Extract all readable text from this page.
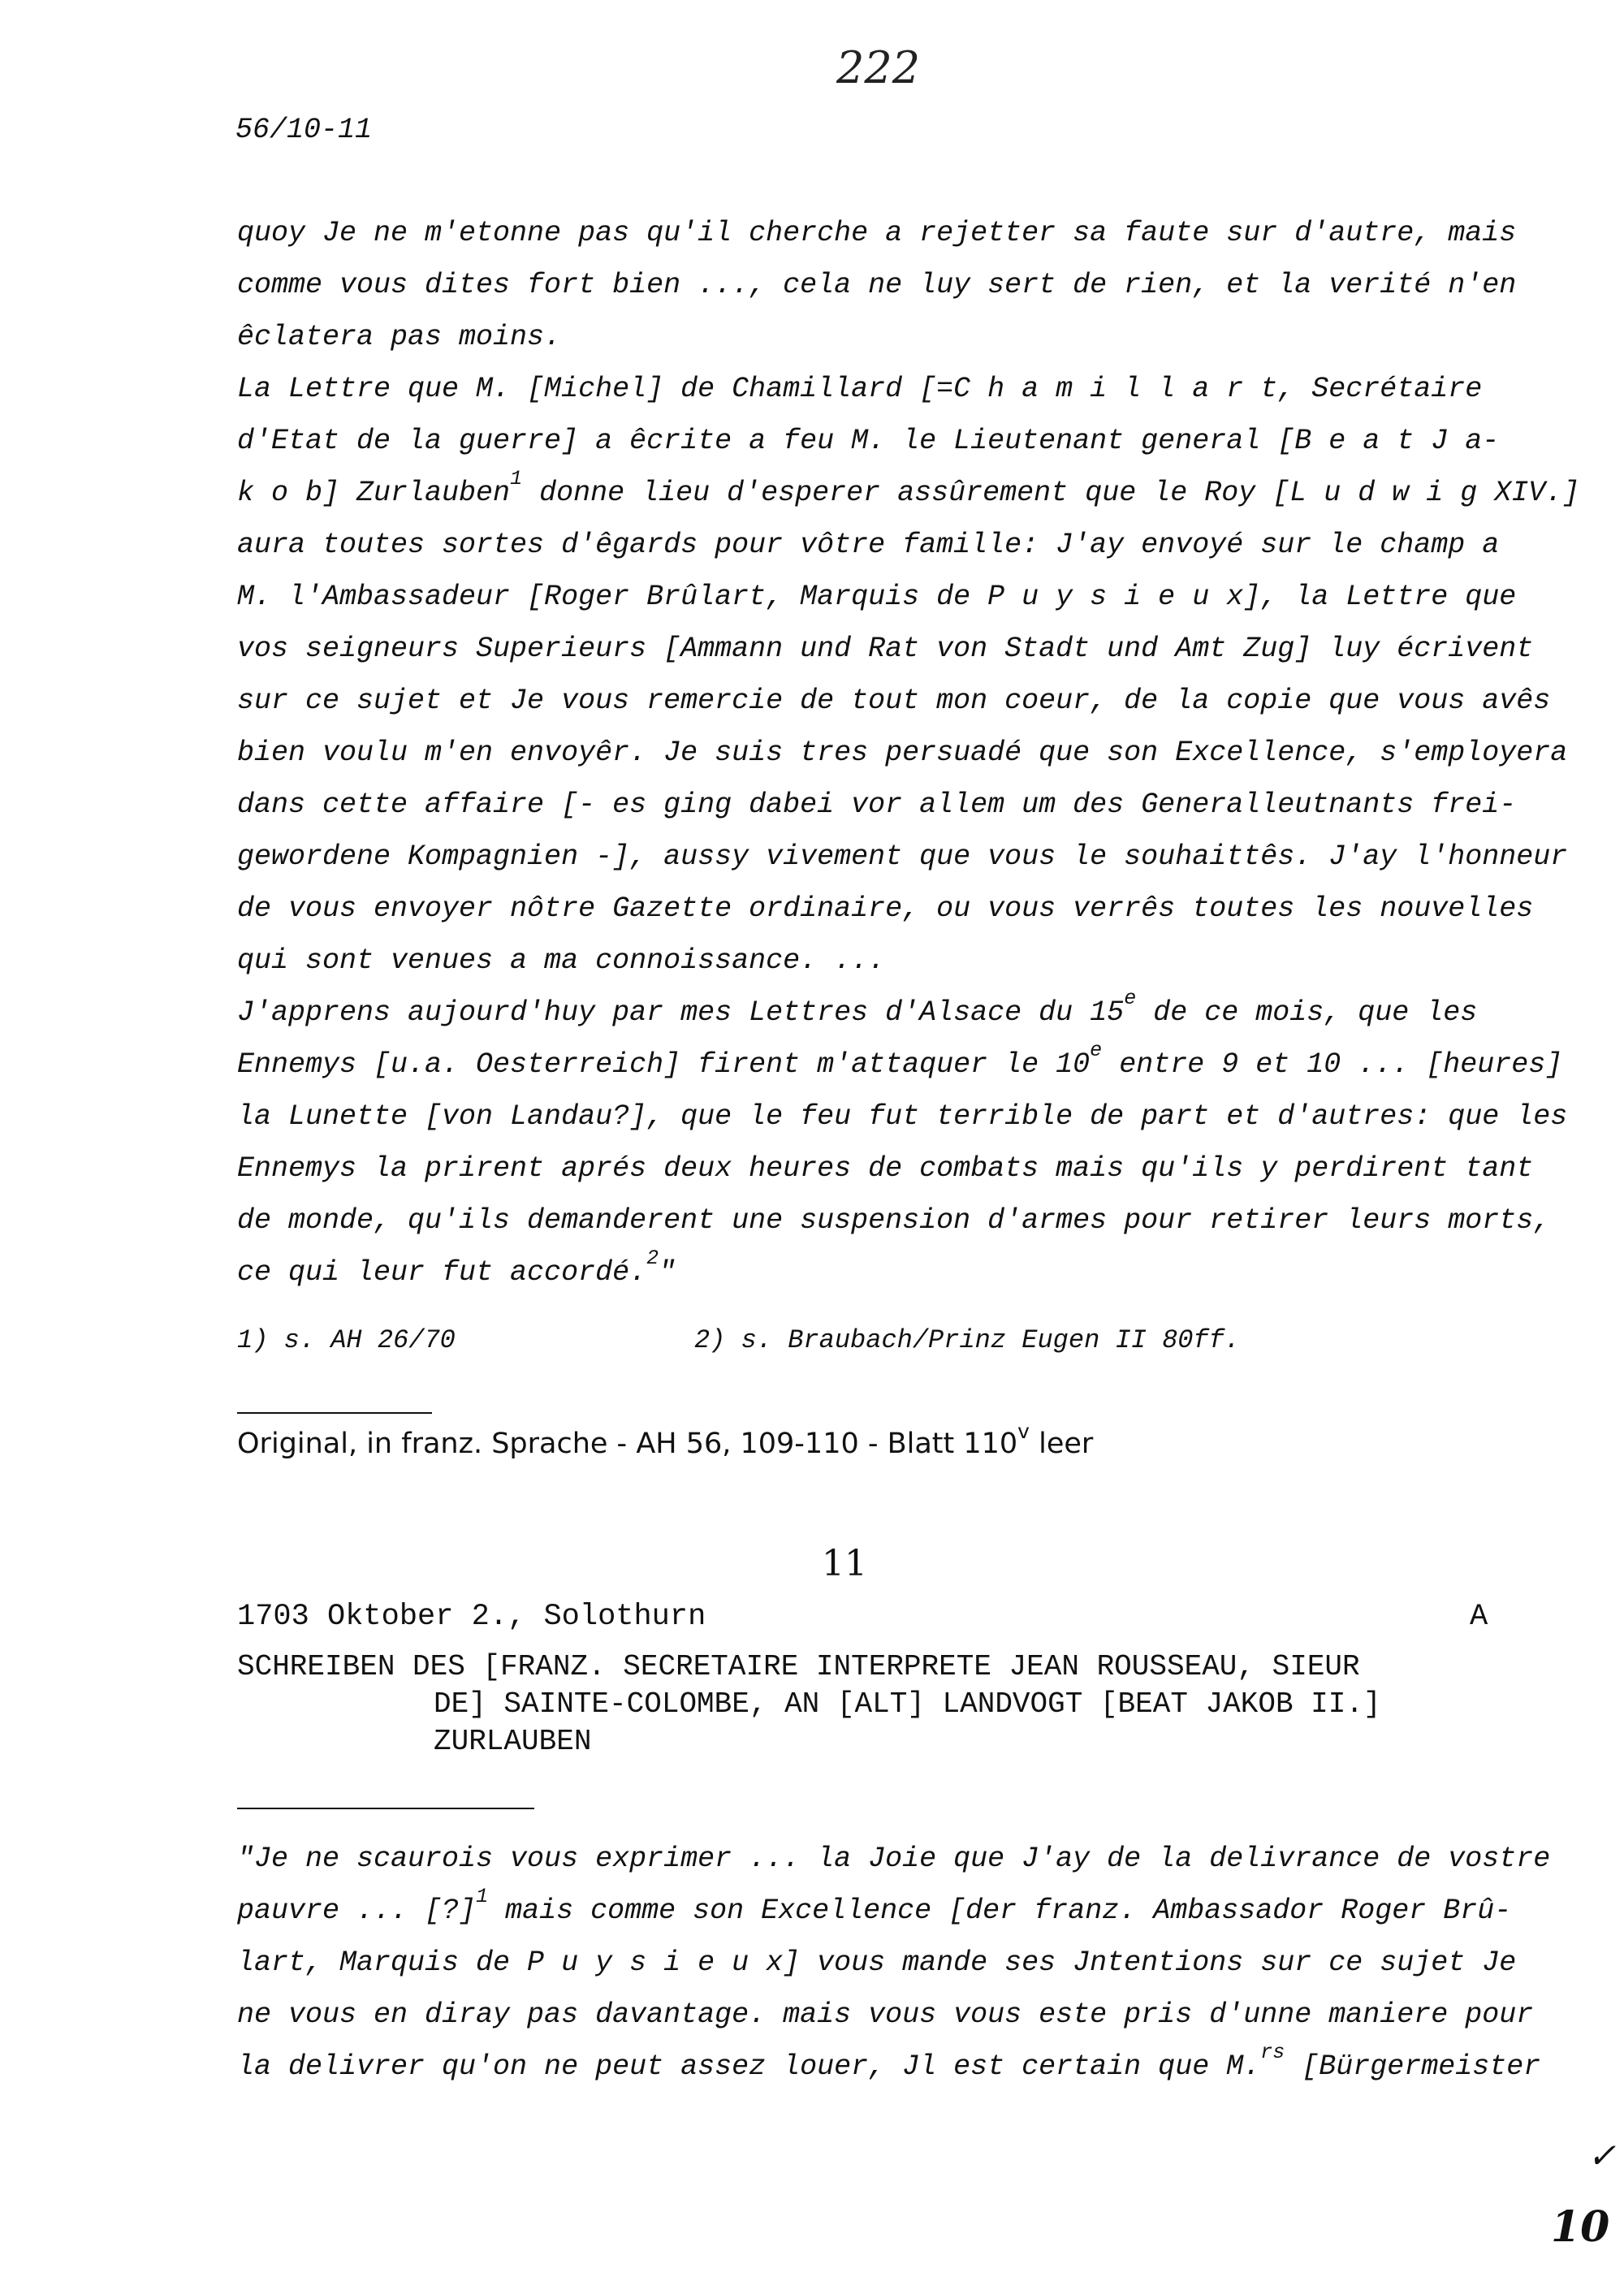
222
56/10-11
quoy Je ne m'etonne pas qu'il cherche a rejetter sa faute sur d'autre, mais
comme vous dites fort bien ..., cela ne luy sert de rien, et la verité n'en
êclatera pas moins.
La Lettre que M. [Michel] de Chamillard [=C h a m i l l a r t, Secrétaire
d'Etat de la guerre] a êcrite a feu M. le Lieutenant general [B e a t J a-
k o b] Zurlauben$^1$ donne lieu d'esperer assûrement que le Roy [L u d w i g XIV.]
aura toutes sortes d'êgards pour vôtre famille: J'ay envoyé sur le champ a
M. l'Ambassadeur [Roger Brûlart, Marquis de P u y s i e u x], la Lettre que
vos seigneurs Superieurs [Ammann und Rat von Stadt und Amt Zug] luy écrivent
sur ce sujet et Je vous remercie de tout mon coeur, de la copie que vous avês
bien voulu m'en envoyêr. Je suis tres persuadé que son Excellence, s'employera
dans cette affaire [- es ging dabei vor allem um des Generalleutnants frei-
gewordene Kompagnien -], aussy vivement que vous le souhaittês. J'ay l'honneur
de vous envoyer nôtre Gazette ordinaire, ou vous verrês toutes les nouvelles
qui sont venues a ma connoissance. ...
J'apprens aujourd'huy par mes Lettres d'Alsace du 15e de ce mois, que les
Ennemys [u.a. Oesterreich] firent m'attaquer le 10e entre 9 et 10 ... [heures]
la Lunette [von Landau?], que le feu fut terrible de part et d'autres: que les
Ennemys la prirent aprés deux heures de combats mais qu'ils y perdirent tant
de monde, qu'ils demanderent une suspension d'armes pour retirer leurs morts,
ce qui leur fut accordé.$^2$"
1) s. AH 26/70	2) s. Braubach/Prinz Eugen II 80ff.
Original, in franz. Sprache - AH 56, 109-110 - Blatt 110$^v$ leer
11
1703 Oktober 2., Solothurn	A
SCHREIBEN DES [FRANZ. SECRETAIRE INTERPRETE JEAN ROUSSEAU, SIEUR
DE] SAINTE-COLOMBE, AN [ALT] LANDVOGT [BEAT JAKOB II.]
ZURLAUBEN
"Je ne scaurois vous exprimer ... la Joie que J'ay de la delivrance de vostre
pauvre ... [?]$^1$ mais comme son Excellence [der franz. Ambassador Roger Brû-
lart, Marquis de P u y s i e u x] vous mande ses Jntentions sur ce sujet Je
ne vous en diray pas davantage. mais vous vous este pris d'unne maniere pour
la delivrer qu'on ne peut assez louer, Jl est certain que M.$^{rs}$ [Bürgermeister
✓
10
